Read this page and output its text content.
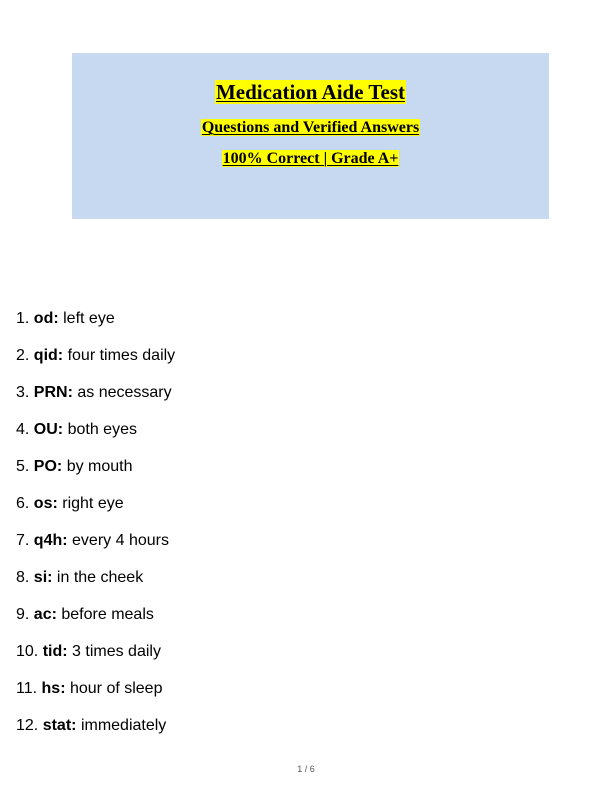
Medication Aide Test
Questions and Verified Answers
100% Correct | Grade A+
1. od: left eye
2. qid: four times daily
3. PRN: as necessary
4. OU: both eyes
5. PO: by mouth
6. os: right eye
7. q4h: every 4 hours
8. si: in the cheek
9. ac: before meals
10. tid: 3 times daily
11. hs: hour of sleep
12. stat: immediately
1 / 6
